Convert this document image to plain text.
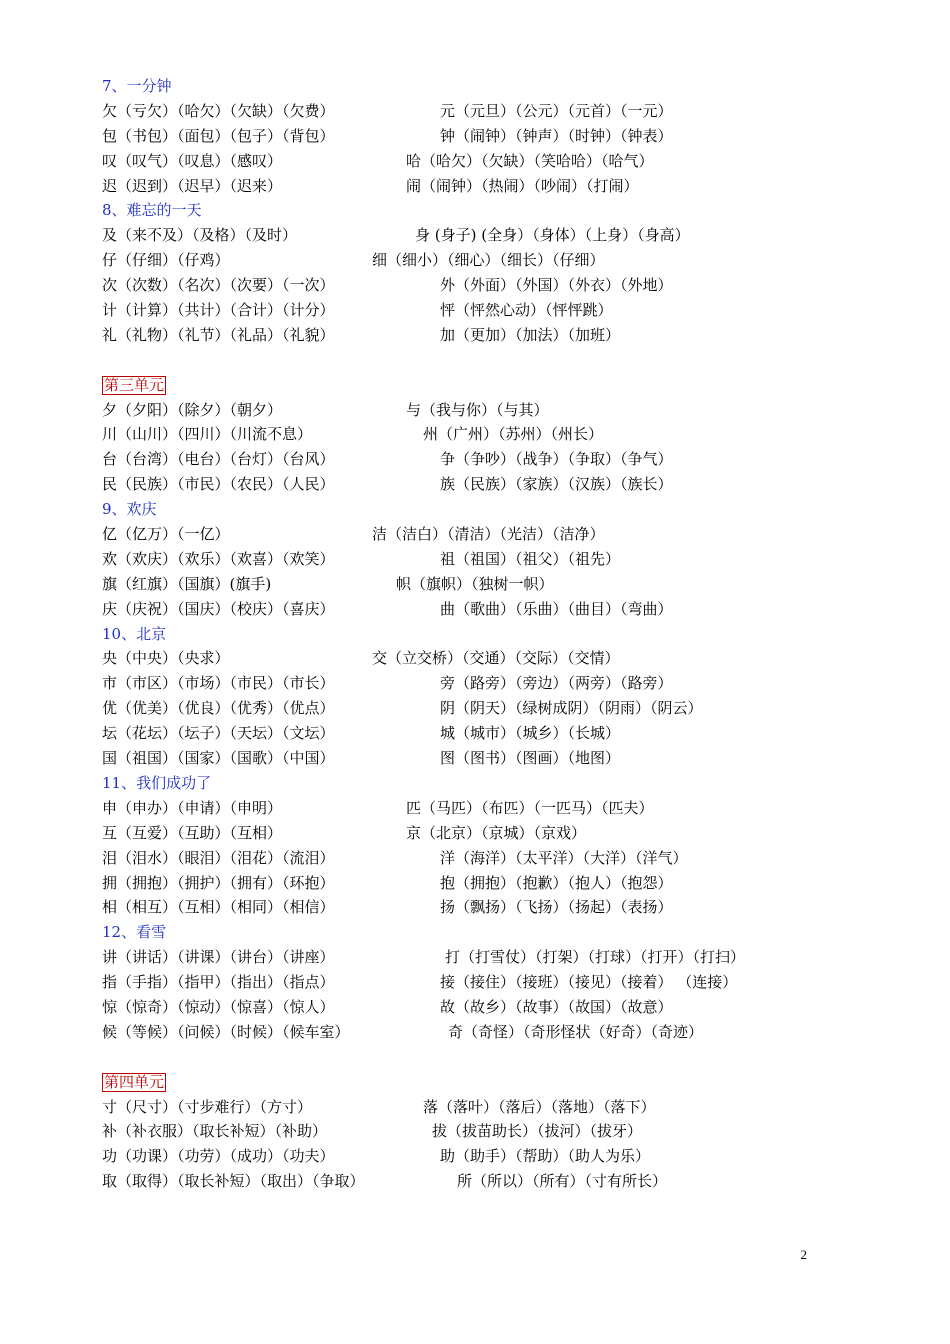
7、一分钟
欠（亏欠）（哈欠）（欠缺）（欠费）	元（元旦）（公元）（元首）（一元）
包（书包）（面包）（包子）（背包）	钟（闹钟）（钟声）（时钟）（钟表）
叹（叹气）（叹息）（感叹）	哈（哈欠）（欠缺）（笑哈哈）（哈气）
迟（迟到）（迟早）（迟来）	闹（闹钟）（热闹）（吵闹）（打闹）
8、难忘的一天
及（来不及）（及格）（及时）	身 (身子) (全身）（身体）（上身）（身高）
仔（仔细）（仔鸡）	细（细小）（细心）（细长）（仔细）
次（次数）（名次）（次要）（一次）	外（外面）（外国）（外衣）（外地）
计（计算）（共计）（合计）（计分）	怦（怦然心动）（怦怦跳）
礼（礼物）（礼节）（礼品）（礼貌）	加（更加）（加法）（加班）
第三单元
夕（夕阳）（除夕）（朝夕）	与（我与你）（与其）
川（山川）（四川）（川流不息）	州（广州）（苏州）（州长）
台（台湾）（电台）（台灯）（台风）	争（争吵）（战争）（争取）（争气）
民（民族）（市民）（农民）（人民）	族（民族）（家族）（汉族）（族长）
9、欢庆
亿（亿万）（一亿）	洁（洁白）（清洁）（光洁）（洁净）
欢（欢庆）（欢乐）（欢喜）（欢笑）	祖（祖国）（祖父）（祖先）
旗（红旗）（国旗）(旗手)	帜（旗帜）（独树一帜）
庆（庆祝）（国庆）（校庆）（喜庆）	曲（歌曲）（乐曲）（曲目）（弯曲）
10、北京
央（中央）（央求）	交（立交桥）（交通）（交际）（交情）
市（市区）（市场）（市民）（市长）	旁（路旁）（旁边）（两旁）（路旁）
优（优美）（优良）（优秀）（优点）	阴（阴天）（绿树成阴）（阴雨）（阴云）
坛（花坛）（坛子）（天坛）（文坛）	城（城市）（城乡）（长城）
国（祖国）（国家）（国歌）（中国）	图（图书）（图画）（地图）
11、我们成功了
申（申办）（申请）（申明）	匹（马匹）（布匹）（一匹马）（匹夫）
互（互爱）（互助）（互相）	京（北京）（京城）（京戏）
泪（泪水）（眼泪）（泪花）（流泪）	洋（海洋）（太平洋）（大洋）（洋气）
拥（拥抱）（拥护）（拥有）（环抱）	抱（拥抱）（抱歉）（抱人）（抱怨）
相（相互）（互相）（相同）（相信）	扬（飘扬）（飞扬）（扬起）（表扬）
12、看雪
讲（讲话）（讲课）（讲台）（讲座）	打（打雪仗）（打架）（打球）（打开）（打扫）
指（手指）（指甲）（指出）（指点）	接（接住）（接班）（接见）（接着） （连接）
惊（惊奇）（惊动）（惊喜）（惊人）	故（故乡）（故事）（故国）（故意）
候（等候）（问候）（时候）（候车室）	奇（奇怪）（奇形怪状（好奇）（奇迹）
第四单元
寸（尺寸）（寸步难行）（方寸）	落（落叶）（落后）（落地）（落下）
补（补衣服）（取长补短）（补助）	拔（拔苗助长）（拔河）（拔牙）
功（功课）（功劳）（成功）（功夫）	助（助手）（帮助）（助人为乐）
取（取得）（取长补短）（取出）（争取）	所（所以）（所有）（寸有所长）
2
